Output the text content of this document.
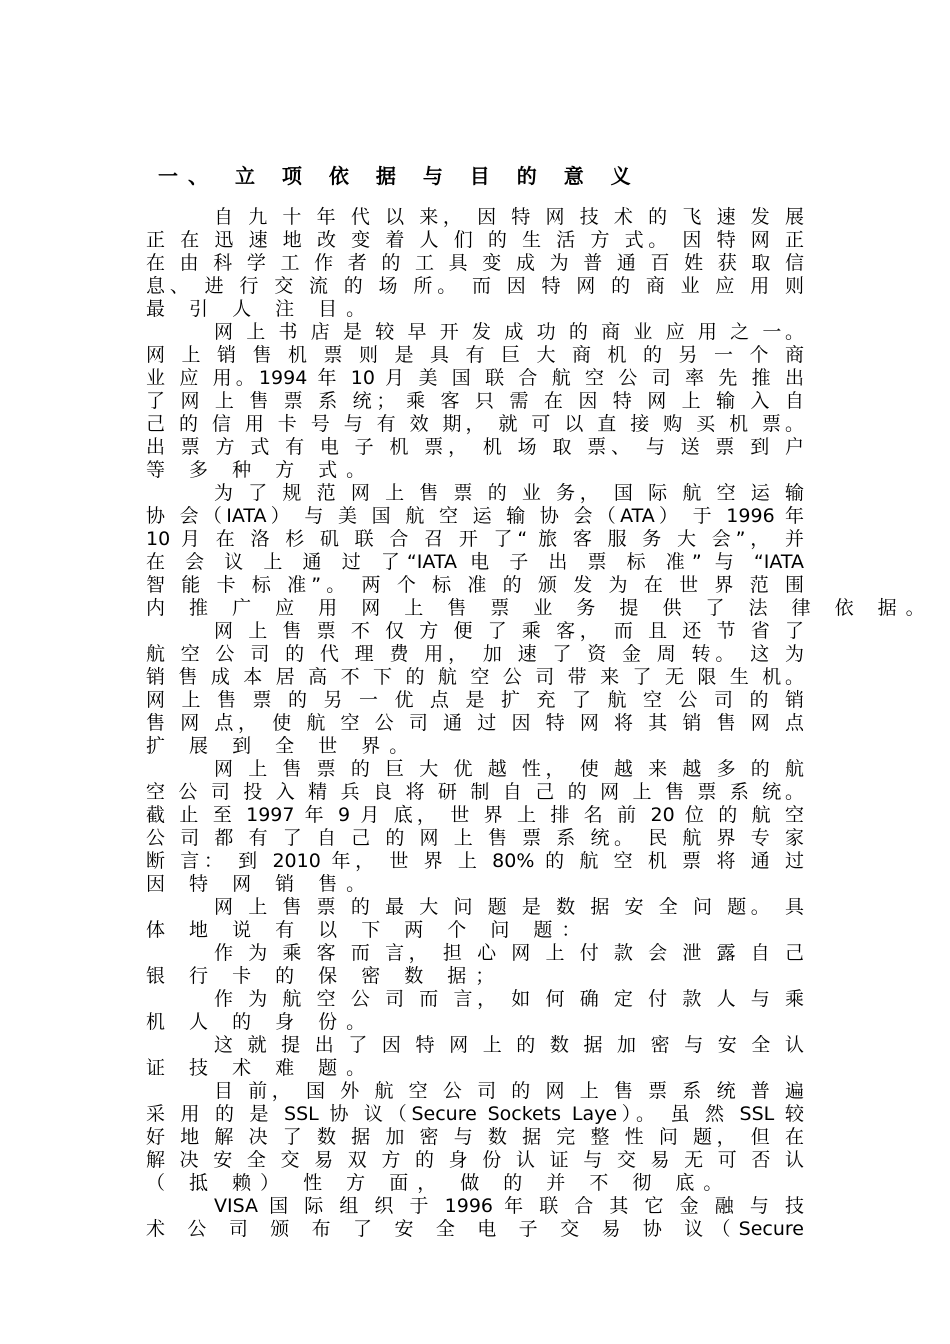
一、 立 项 依 据 与 目 的 意 义
自 九 十 年 代 以 来， 因 特 网 技 术 的 飞 速 发 展
正 在 迅 速 地 改 变 着 人 们 的 生 活 方 式。 因 特 网 正
在 由 科 学 工 作 者 的 工 具 变 成 为 普 通 百 姓 获 取 信
息、 进 行 交 流 的 场 所。 而 因 特 网 的 商 业 应 用 则
最 引 人 注 目。
网 上 书 店 是 较 早 开 发 成 功 的 商 业 应 用 之 一。
网 上 销 售 机 票 则 是 具 有 巨 大 商 机 的 另 一 个 商
业 应 用。1994 年 10 月 美 国 联 合 航 空 公 司 率 先 推 出
了 网 上 售 票 系 统； 乘 客 只 需 在 因 特 网 上 输 入 自
己 的 信 用 卡 号 与 有 效 期， 就 可 以 直 接 购 买 机 票。
出 票 方 式 有 电 子 机 票， 机 场 取 票、 与 送 票 到 户
等 多 种 方 式。
为 了 规 范 网 上 售 票 的 业 务， 国 际 航 空 运 输
协 会（IATA） 与 美 国 航 空 运 输 协 会（ATA） 于 1996 年
10 月 在 洛 杉 矶 联 合 召 开 了“ 旅 客 服 务 大 会”， 并
在 会 议 上 通 过 了“IATA 电 子 出 票 标 准” 与 “IATA
智 能 卡 标 准”。 两 个 标 准 的 颁 发 为 在 世 界 范 围
内 推 广 应 用 网 上 售 票 业 务 提 供 了 法 律 依 据。
网 上 售 票 不 仅 方 便 了 乘 客， 而 且 还 节 省 了
航 空 公 司 的 代 理 费 用， 加 速 了 资 金 周 转。 这 为
销 售 成 本 居 高 不 下 的 航 空 公 司 带 来 了 无 限 生 机。
网 上 售 票 的 另 一 优 点 是 扩 充 了 航 空 公 司 的 销
售 网 点， 使 航 空 公 司 通 过 因 特 网 将 其 销 售 网 点
扩 展 到 全 世 界。
网 上 售 票 的 巨 大 优 越 性， 使 越 来 越 多 的 航
空 公 司 投 入 精 兵 良 将 研 制 自 己 的 网 上 售 票 系 统。
截 止 至 1997 年 9 月 底， 世 界 上 排 名 前 20 位 的 航 空
公 司 都 有 了 自 己 的 网 上 售 票 系 统。 民 航 界 专 家
断 言： 到 2010 年， 世 界 上 80% 的 航 空 机 票 将 通 过
因 特 网 销 售。
网 上 售 票 的 最 大 问 题 是 数 据 安 全 问 题。 具
体 地 说 有 以 下 两 个 问 题：
作 为 乘 客 而 言， 担 心 网 上 付 款 会 泄 露 自 己
银 行 卡 的 保 密 数 据；
作 为 航 空 公 司 而 言， 如 何 确 定 付 款 人 与 乘
机 人 的 身 份。
这 就 提 出 了 因 特 网 上 的 数 据 加 密 与 安 全 认
证 技 术 难 题。
目 前， 国 外 航 空 公 司 的 网 上 售 票 系 统 普 遍
采 用 的 是 SSL 协 议（Secure Sockets Laye）。 虽 然 SSL 较
好 地 解 决 了 数 据 加 密 与 数 据 完 整 性 问 题， 但 在
解 决 安 全 交 易 双 方 的 身 份 认 证 与 交 易 无 可 否 认
（ 抵 赖） 性 方 面， 做 的 并 不 彻 底。
VISA 国 际 组 织 于 1996 年 联 合 其 它 金 融 与 技
术 公 司 颁 布 了 安 全 电 子 交 易 协 议（Secure
